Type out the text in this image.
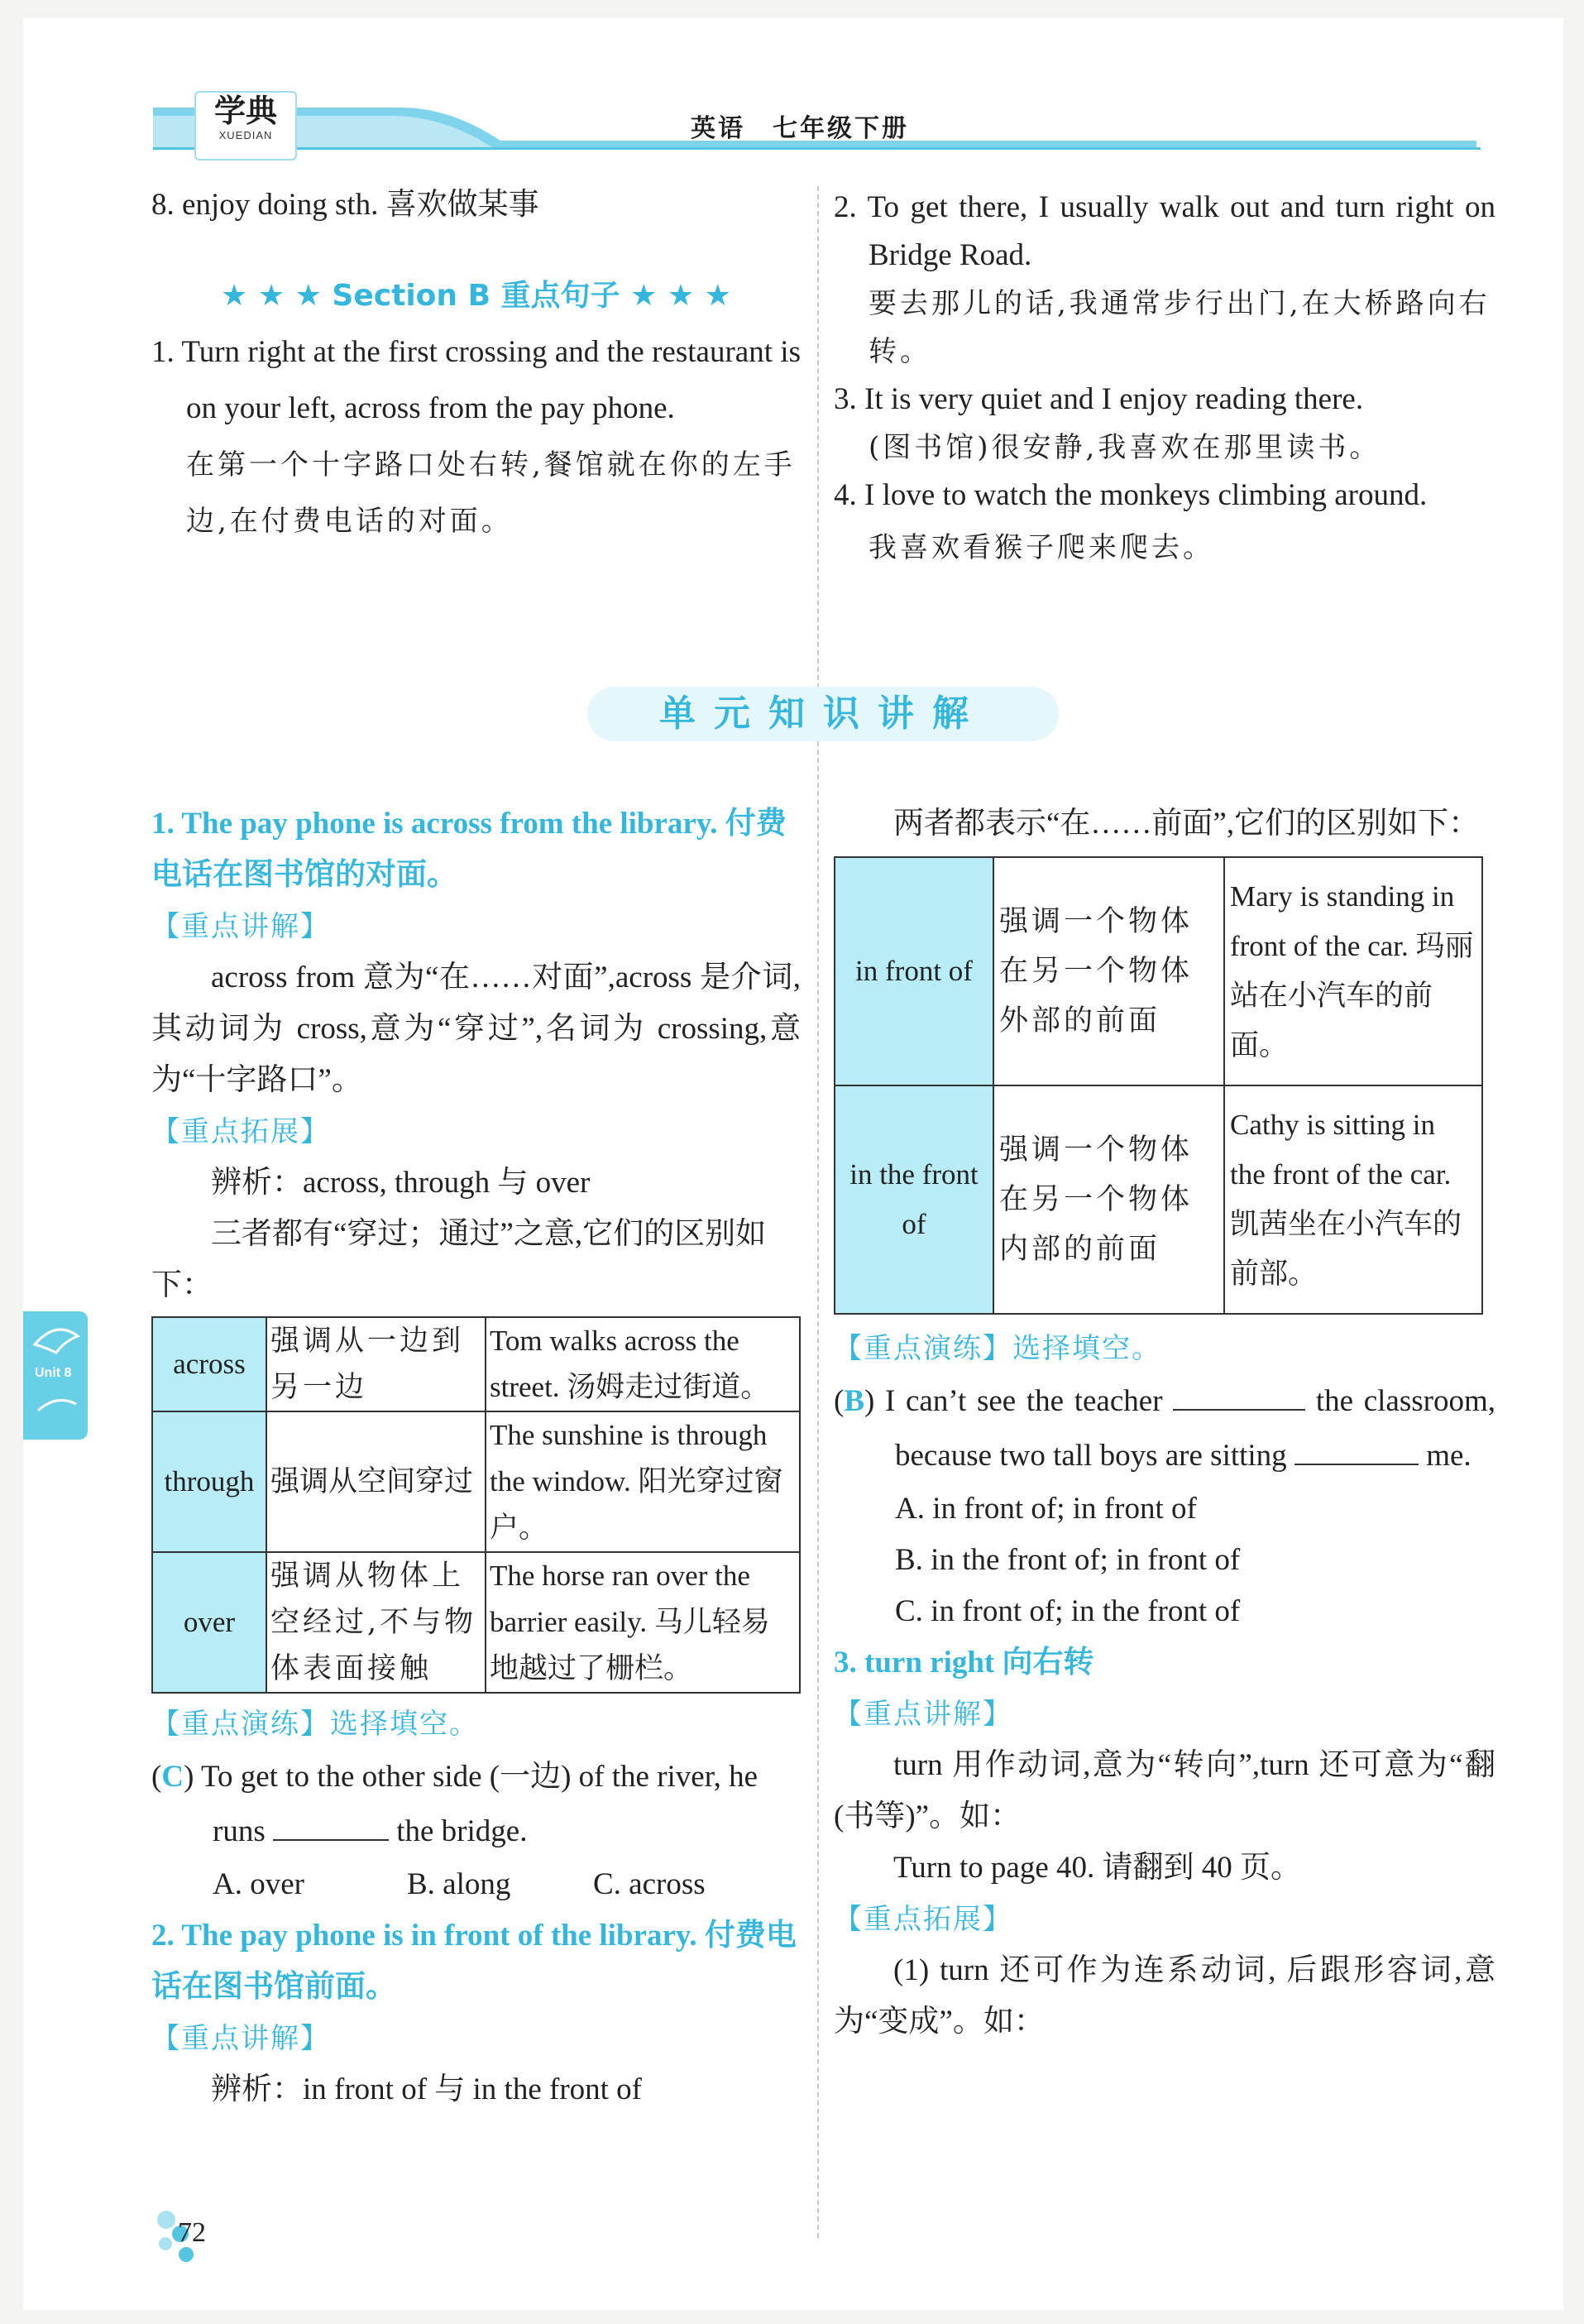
学典
XUEDIAN	英语　七年级下册

8. enjoy doing sth. 喜欢做某事

★ ★ ★ Section B 重点句子 ★ ★ ★

1. Turn right at the first crossing and the restaurant is on your left, across from the pay phone.

在第一个十字路口处右转,餐馆就在你的左手边,在付费电话的对面。

2. To get there, I usually walk out and turn right on Bridge Road.

要去那儿的话,我通常步行出门,在大桥路向右转。

3. It is very quiet and I enjoy reading there.

(图书馆)很安静,我喜欢在那里读书。

4. I love to watch the monkeys climbing around.

我喜欢看猴子爬来爬去。

单元知识讲解

1. The pay phone is across from the library. 付费电话在图书馆的对面。

【重点讲解】

across from 意为“在……对面”,across 是介词,其动词为 cross,意为“穿过”,名词为 crossing,意为“十字路口”。

【重点拓展】

辨析：across, through 与 over

三者都有“穿过；通过”之意,它们的区别如下：

across	强调从一边到另一边	Tom walks across the street. 汤姆走过街道。
through	强调从空间穿过	The sunshine is through the window. 阳光穿过窗户。
over	强调从物体上空经过,不与物体表面接触	The horse ran over the barrier easily. 马儿轻易地越过了栅栏。

【重点演练】选择填空。

(C) To get to the other side (一边) of the river, he runs	the bridge.

A. over	B. along	C. across

2. The pay phone is in front of the library. 付费电话在图书馆前面。

【重点讲解】

辨析：in front of 与 in the front of

两者都表示“在……前面”,它们的区别如下：

in front of	强调一个物体在另一个物体外部的前面	Mary is standing in front of the car. 玛丽站在小汽车的前面。
in the front of	强调一个物体在另一个物体内部的前面	Cathy is sitting in the front of the car. 凯茜坐在小汽车的前部。

【重点演练】选择填空。

(B) I can’t see the teacher	the classroom, because two tall boys are sitting	me.

A. in front of; in front of

B. in the front of; in front of

C. in front of; in the front of

3. turn right 向右转

【重点讲解】

turn 用作动词,意为“转向”,turn 还可意为“翻(书等)”。如：

Turn to page 40. 请翻到 40 页。

【重点拓展】

(1) turn 还可作为连系动词, 后跟形容词,意为“变成”。如：

Unit 8
72
